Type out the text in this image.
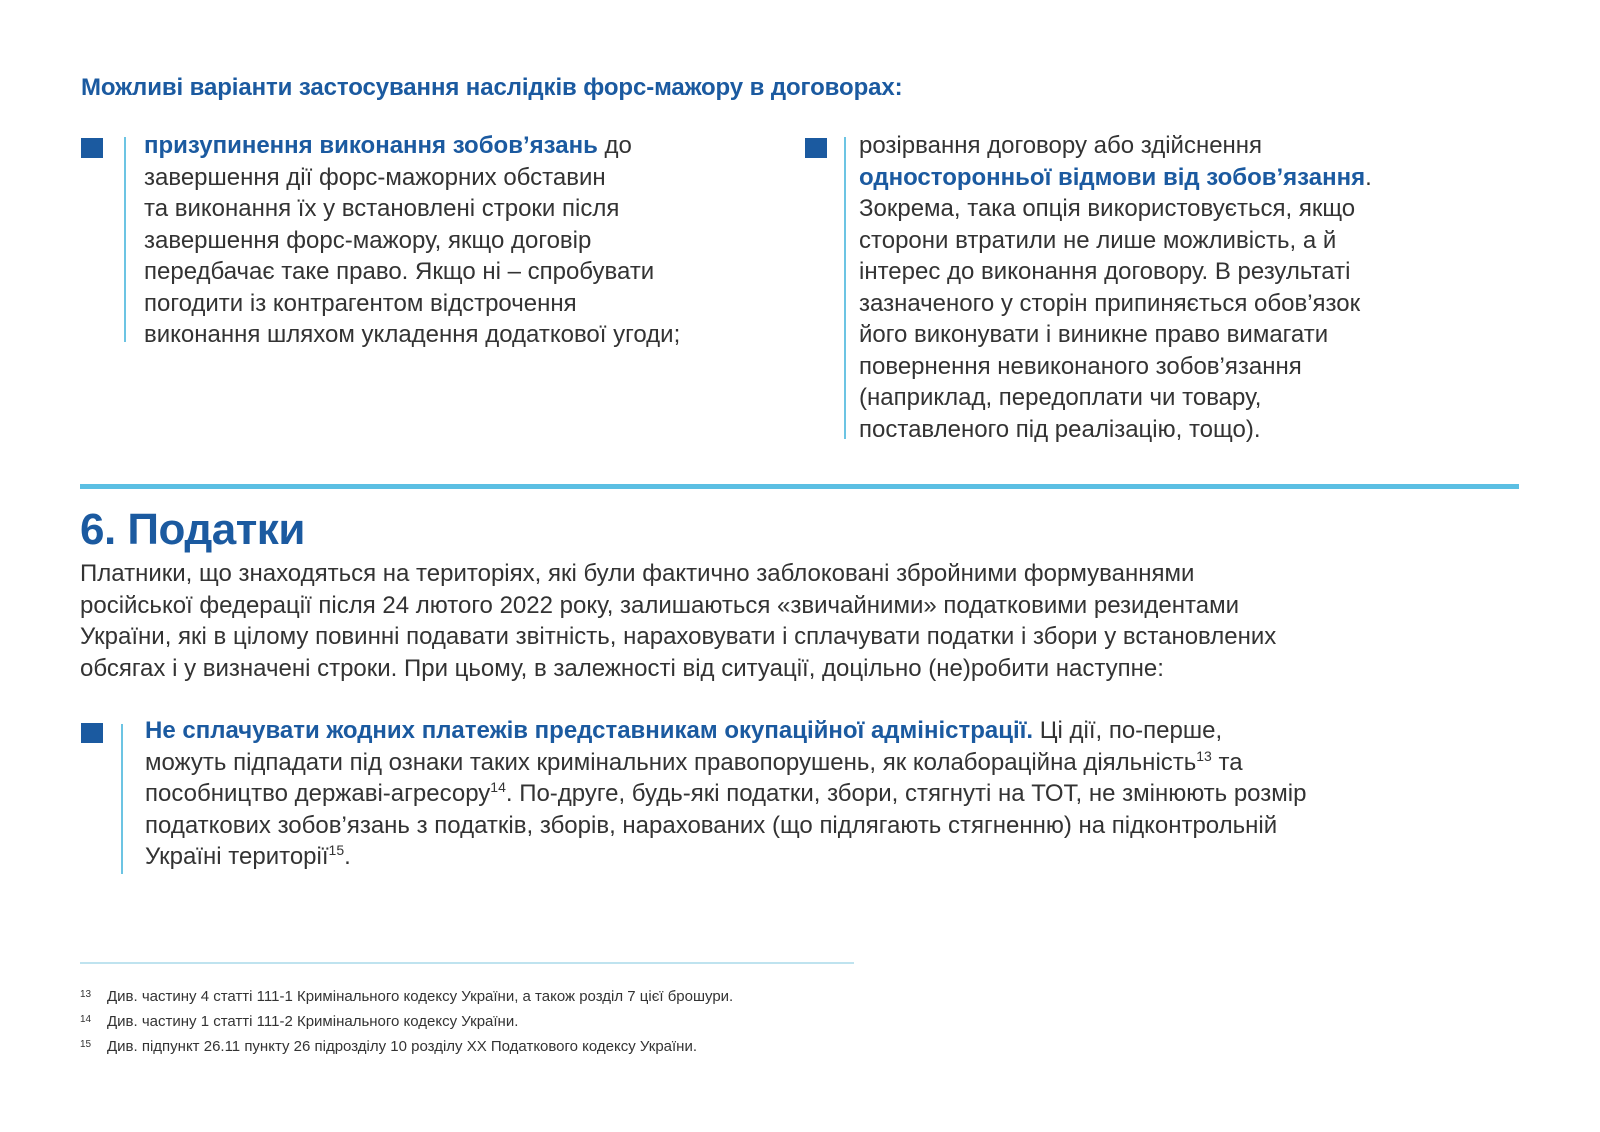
Можливі варіанти застосування наслідків форс-мажору в договорах:
призупинення виконання зобов’язань до
завершення дії форс-мажорних обставин
та виконання їх у встановлені строки після
завершення форс-мажору, якщо договір
передбачає таке право. Якщо ні – спробувати
погодити із контрагентом відстрочення
виконання шляхом укладення додаткової угоди;
розірвання договору або здійснення
односторонньої відмови від зобов’язання.
Зокрема, така опція використовується, якщо
сторони втратили не лише можливість, а й
інтерес до виконання договору. В результаті
зазначеного у сторін припиняється обов’язок
його виконувати і виникне право вимагати
повернення невиконаного зобов’язання
(наприклад, передоплати чи товару,
поставленого під реалізацію, тощо).
6. Податки
Платники, що знаходяться на територіях, які були фактично заблоковані збройними формуваннями
російської федерації після 24 лютого 2022 року, залишаються «звичайними» податковими резидентами
України, які в цілому повинні подавати звітність, нараховувати і сплачувати податки і збори у встановлених
обсягах і у визначені строки. При цьому, в залежності від ситуації, доцільно (не)робити наступне:
Не сплачувати жодних платежів представникам окупаційної адміністрації. Ці дії, по-перше,
можуть підпадати під ознаки таких кримінальних правопорушень, як колабораційна діяльність$^{13}$ та
пособництво державі-агресору$^{14}$. По-друге, будь-які податки, збори, стягнуті на ТОТ, не змінюють розмір
податкових зобов’язань з податків, зборів, нарахованих (що підлягають стягненню) на підконтрольній
Україні території$^{15}$.
13	Див. частину 4 статті 111-1 Кримінального кодексу України, а також розділ 7 цієї брошури.
14	Див. частину 1 статті 111-2 Кримінального кодексу України.
15	Див. підпункт 26.11 пункту 26 підрозділу 10 розділу XX Податкового кодексу України.
